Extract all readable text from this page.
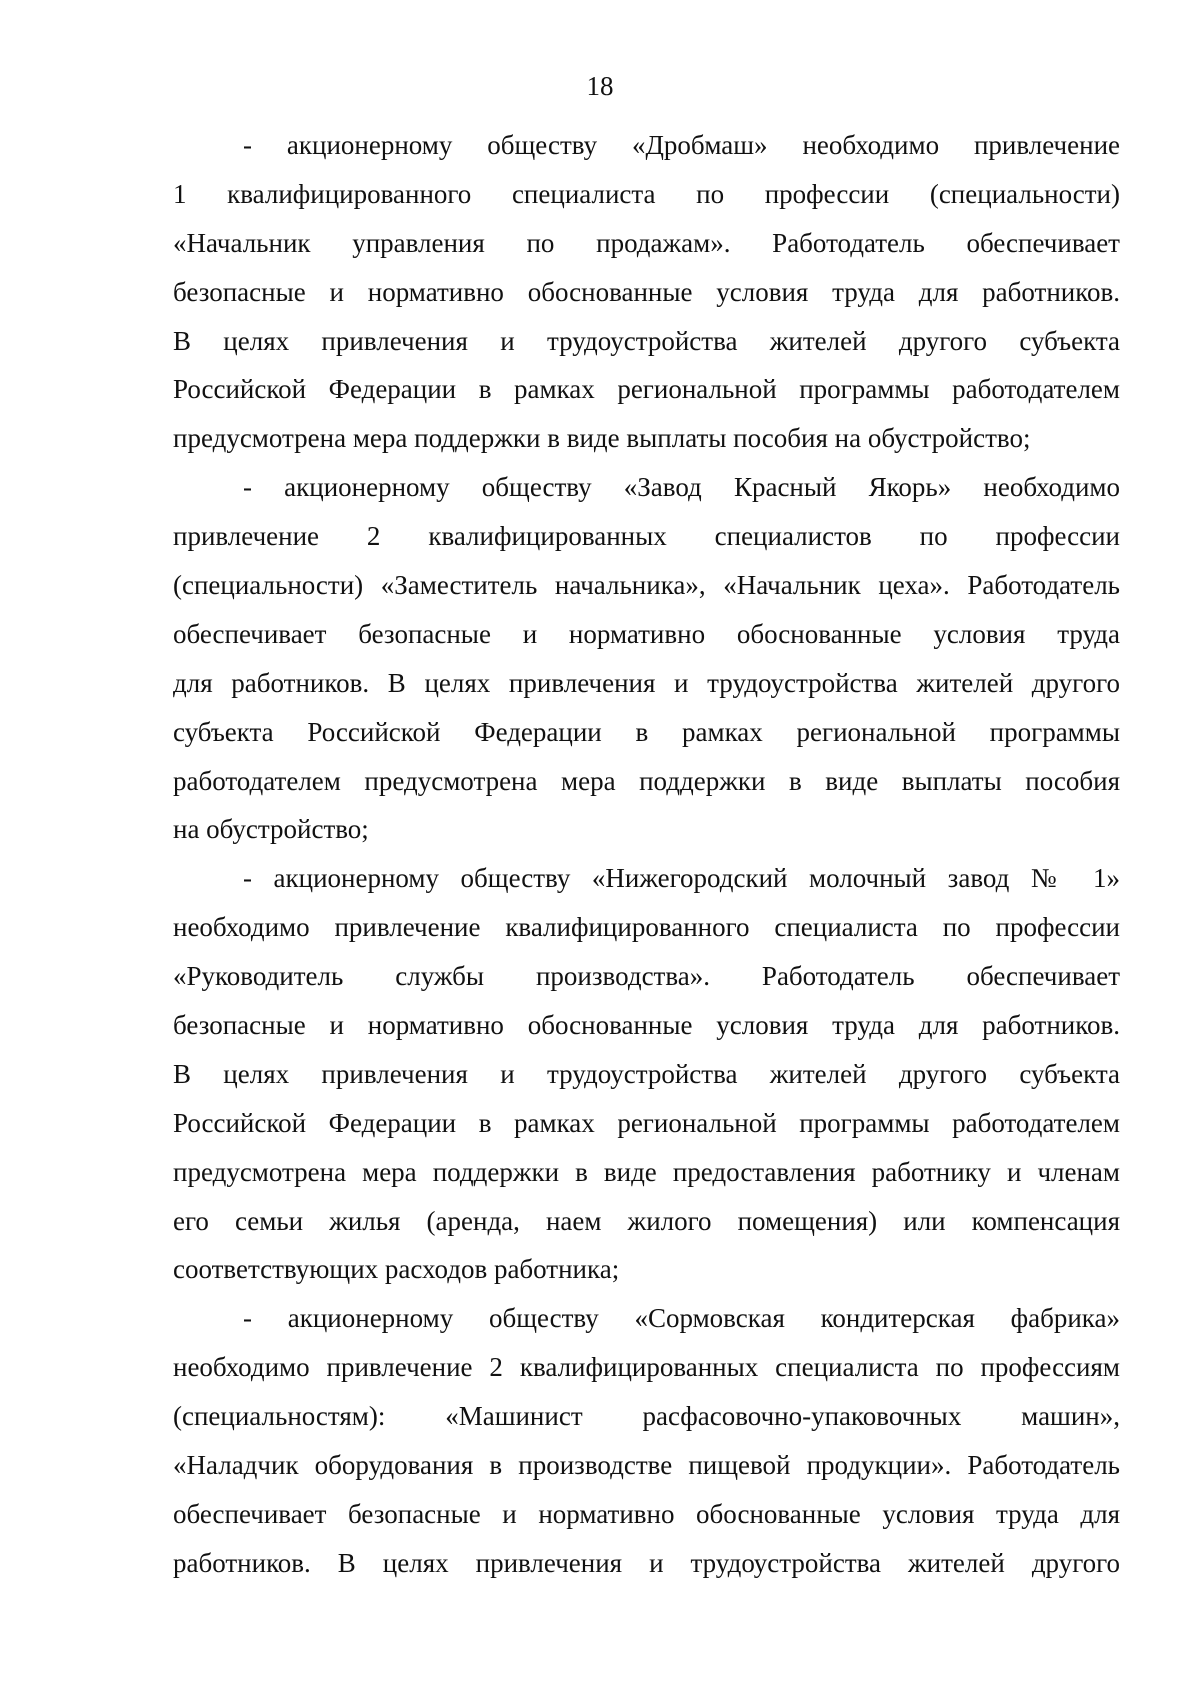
18

- акционерному обществу «Дробмаш» необходимо привлечение
1 квалифицированного специалиста по профессии (специальности)
«Начальник управления по продажам». Работодатель обеспечивает
безопасные и нормативно обоснованные условия труда для работников.
В целях привлечения и трудоустройства жителей другого субъекта
Российской Федерации в рамках региональной программы работодателем
предусмотрена мера поддержки в виде выплаты пособия на обустройство;

- акционерному обществу «Завод Красный Якорь» необходимо
привлечение 2 квалифицированных специалистов по профессии
(специальности) «Заместитель начальника», «Начальник цеха». Работодатель
обеспечивает безопасные и нормативно обоснованные условия труда
для работников. В целях привлечения и трудоустройства жителей другого
субъекта Российской Федерации в рамках региональной программы
работодателем предусмотрена мера поддержки в виде выплаты пособия
на обустройство;

- акционерному обществу «Нижегородский молочный завод № 1»
необходимо привлечение квалифицированного специалиста по профессии
«Руководитель службы производства». Работодатель обеспечивает
безопасные и нормативно обоснованные условия труда для работников.
В целях привлечения и трудоустройства жителей другого субъекта
Российской Федерации в рамках региональной программы работодателем
предусмотрена мера поддержки в виде предоставления работнику и членам
его семьи жилья (аренда, наем жилого помещения) или компенсация
соответствующих расходов работника;

- акционерному обществу «Сормовская кондитерская фабрика»
необходимо привлечение 2 квалифицированных специалиста по профессиям
(специальностям): «Машинист расфасовочно-упаковочных машин»,
«Наладчик оборудования в производстве пищевой продукции». Работодатель
обеспечивает безопасные и нормативно обоснованные условия труда для
работников. В целях привлечения и трудоустройства жителей другого
